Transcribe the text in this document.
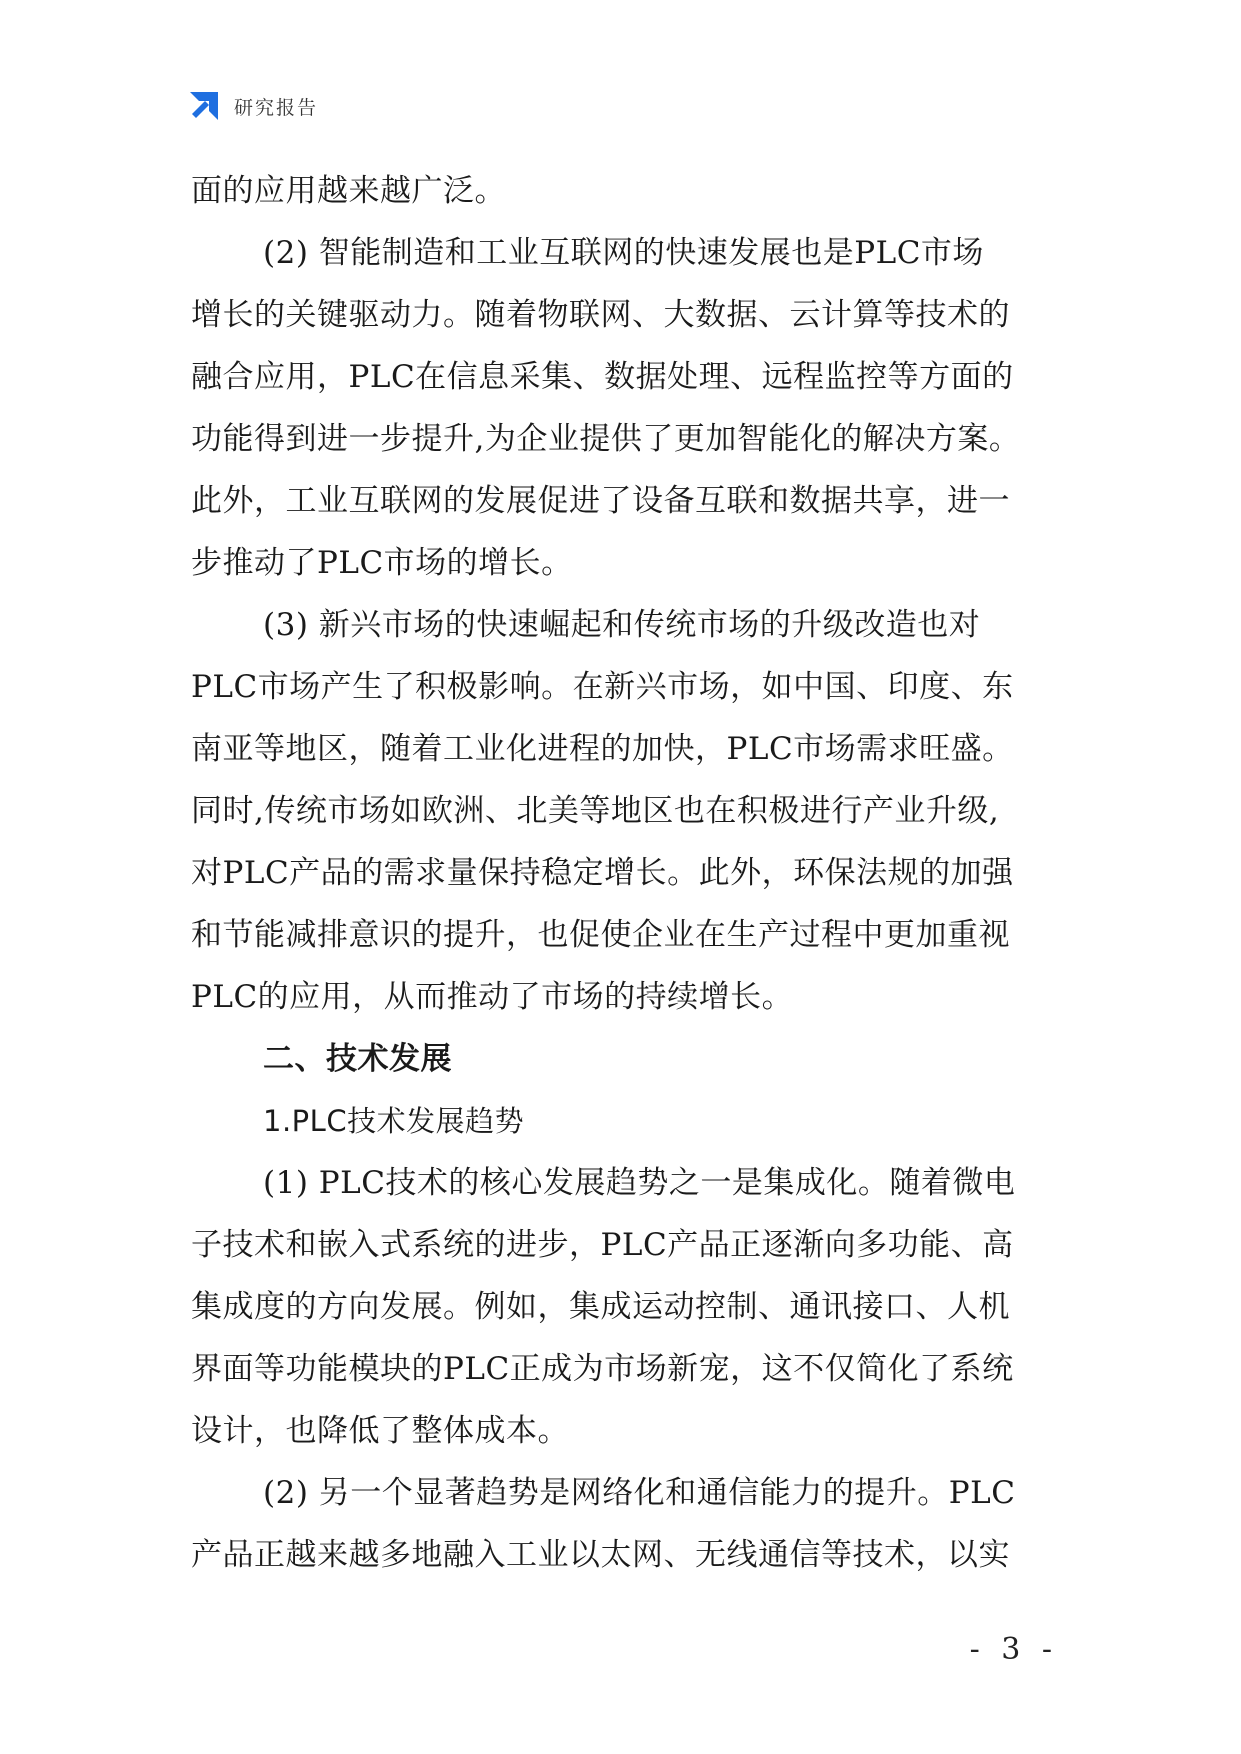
研究报告
面的应用越来越广泛。
(2) 智能制造和工业互联网的快速发展也是PLC市场
增长的关键驱动力。随着物联网、大数据、云计算等技术的
融合应用，PLC在信息采集、数据处理、远程监控等方面的
功能得到进一步提升,为企业提供了更加智能化的解决方案。
此外，工业互联网的发展促进了设备互联和数据共享，进一
步推动了PLC市场的增长。
(3) 新兴市场的快速崛起和传统市场的升级改造也对
PLC市场产生了积极影响。在新兴市场，如中国、印度、东
南亚等地区，随着工业化进程的加快，PLC市场需求旺盛。
同时,传统市场如欧洲、北美等地区也在积极进行产业升级,
对PLC产品的需求量保持稳定增长。此外，环保法规的加强
和节能减排意识的提升，也促使企业在生产过程中更加重视
PLC的应用，从而推动了市场的持续增长。
二、技术发展
1.PLC技术发展趋势
(1) PLC技术的核心发展趋势之一是集成化。随着微电
子技术和嵌入式系统的进步，PLC产品正逐渐向多功能、高
集成度的方向发展。例如，集成运动控制、通讯接口、人机
界面等功能模块的PLC正成为市场新宠，这不仅简化了系统
设计，也降低了整体成本。
(2) 另一个显著趋势是网络化和通信能力的提升。PLC
产品正越来越多地融入工业以太网、无线通信等技术，以实
- 3 -
